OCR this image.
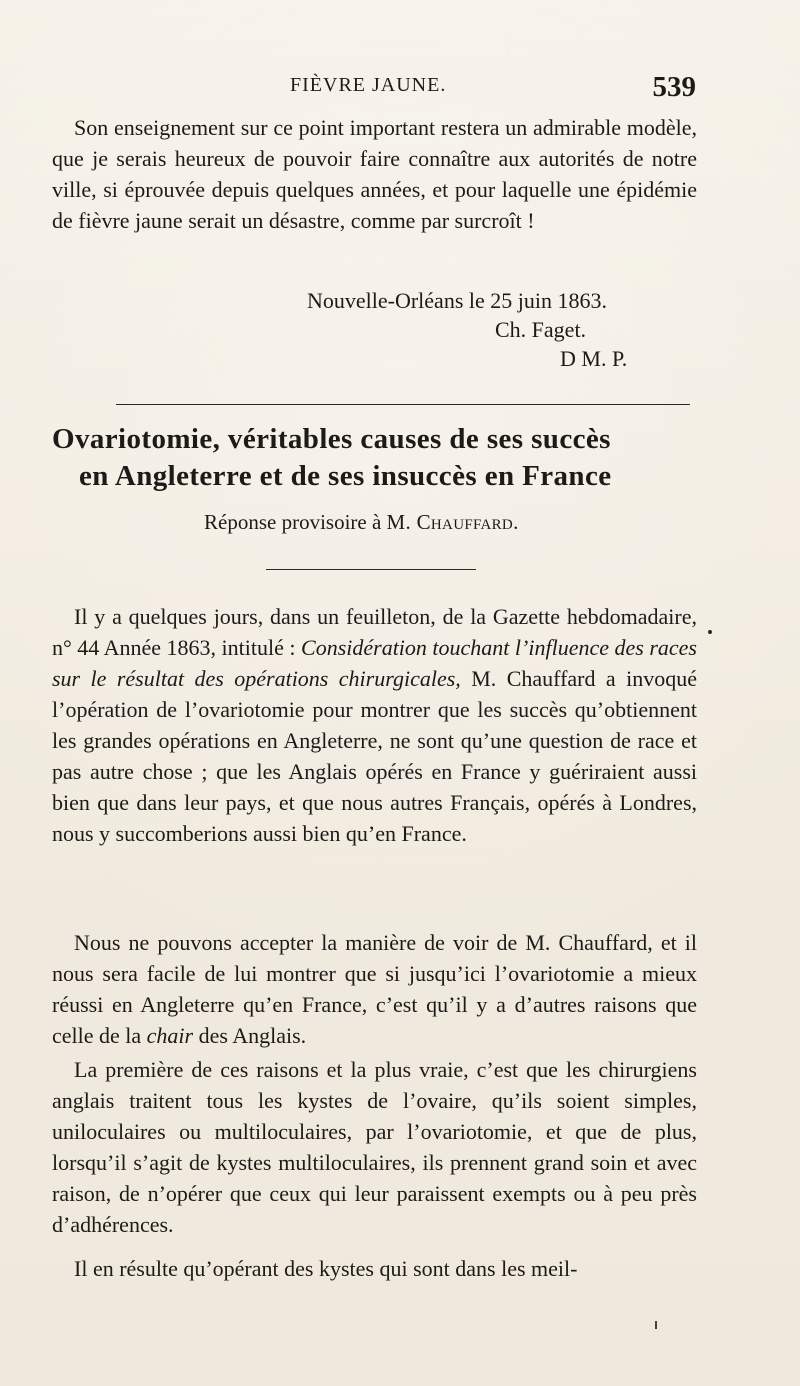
FIÈVRE JAUNE.	539

Son enseignement sur ce point important restera un admirable modèle, que je serais heureux de pouvoir faire connaître aux autorités de notre ville, si éprouvée depuis quelques années, et pour laquelle une épidémie de fièvre jaune serait un désastre, comme par surcroît !

Nouvelle-Orléans le 25 juin 1863.
Ch. Faget.
D M. P.
Ovariotomie, véritables causes de ses succès
en Angleterre et de ses insuccès en France
Réponse provisoire à M. Chauffard.

Il y a quelques jours, dans un feuilleton, de la Gazette hebdomadaire, n° 44 Année 1863, intitulé : Considération touchant l’influence des races sur le résultat des opérations chirurgicales, M. Chauffard a invoqué l’opération de l’ovariotomie pour montrer que les succès qu’obtiennent les grandes opérations en Angleterre, ne sont qu’une question de race et pas autre chose ; que les Anglais opérés en France y guériraient aussi bien que dans leur pays, et que nous autres Français, opérés à Londres, nous y succomberions aussi bien qu’en France.

Nous ne pouvons accepter la manière de voir de M. Chauffard, et il nous sera facile de lui montrer que si jusqu’ici l’ovariotomie a mieux réussi en Angleterre qu’en France, c’est qu’il y a d’autres raisons que celle de la chair des Anglais.

La première de ces raisons et la plus vraie, c’est que les chirurgiens anglais traitent tous les kystes de l’ovaire, qu’ils soient simples, uniloculaires ou multiloculaires, par l’ovariotomie, et que de plus, lorsqu’il s’agit de kystes multiloculaires, ils prennent grand soin et avec raison, de n’opérer que ceux qui leur paraissent exempts ou à peu près d’adhérences.

Il en résulte qu’opérant des kystes qui sont dans les meil-
